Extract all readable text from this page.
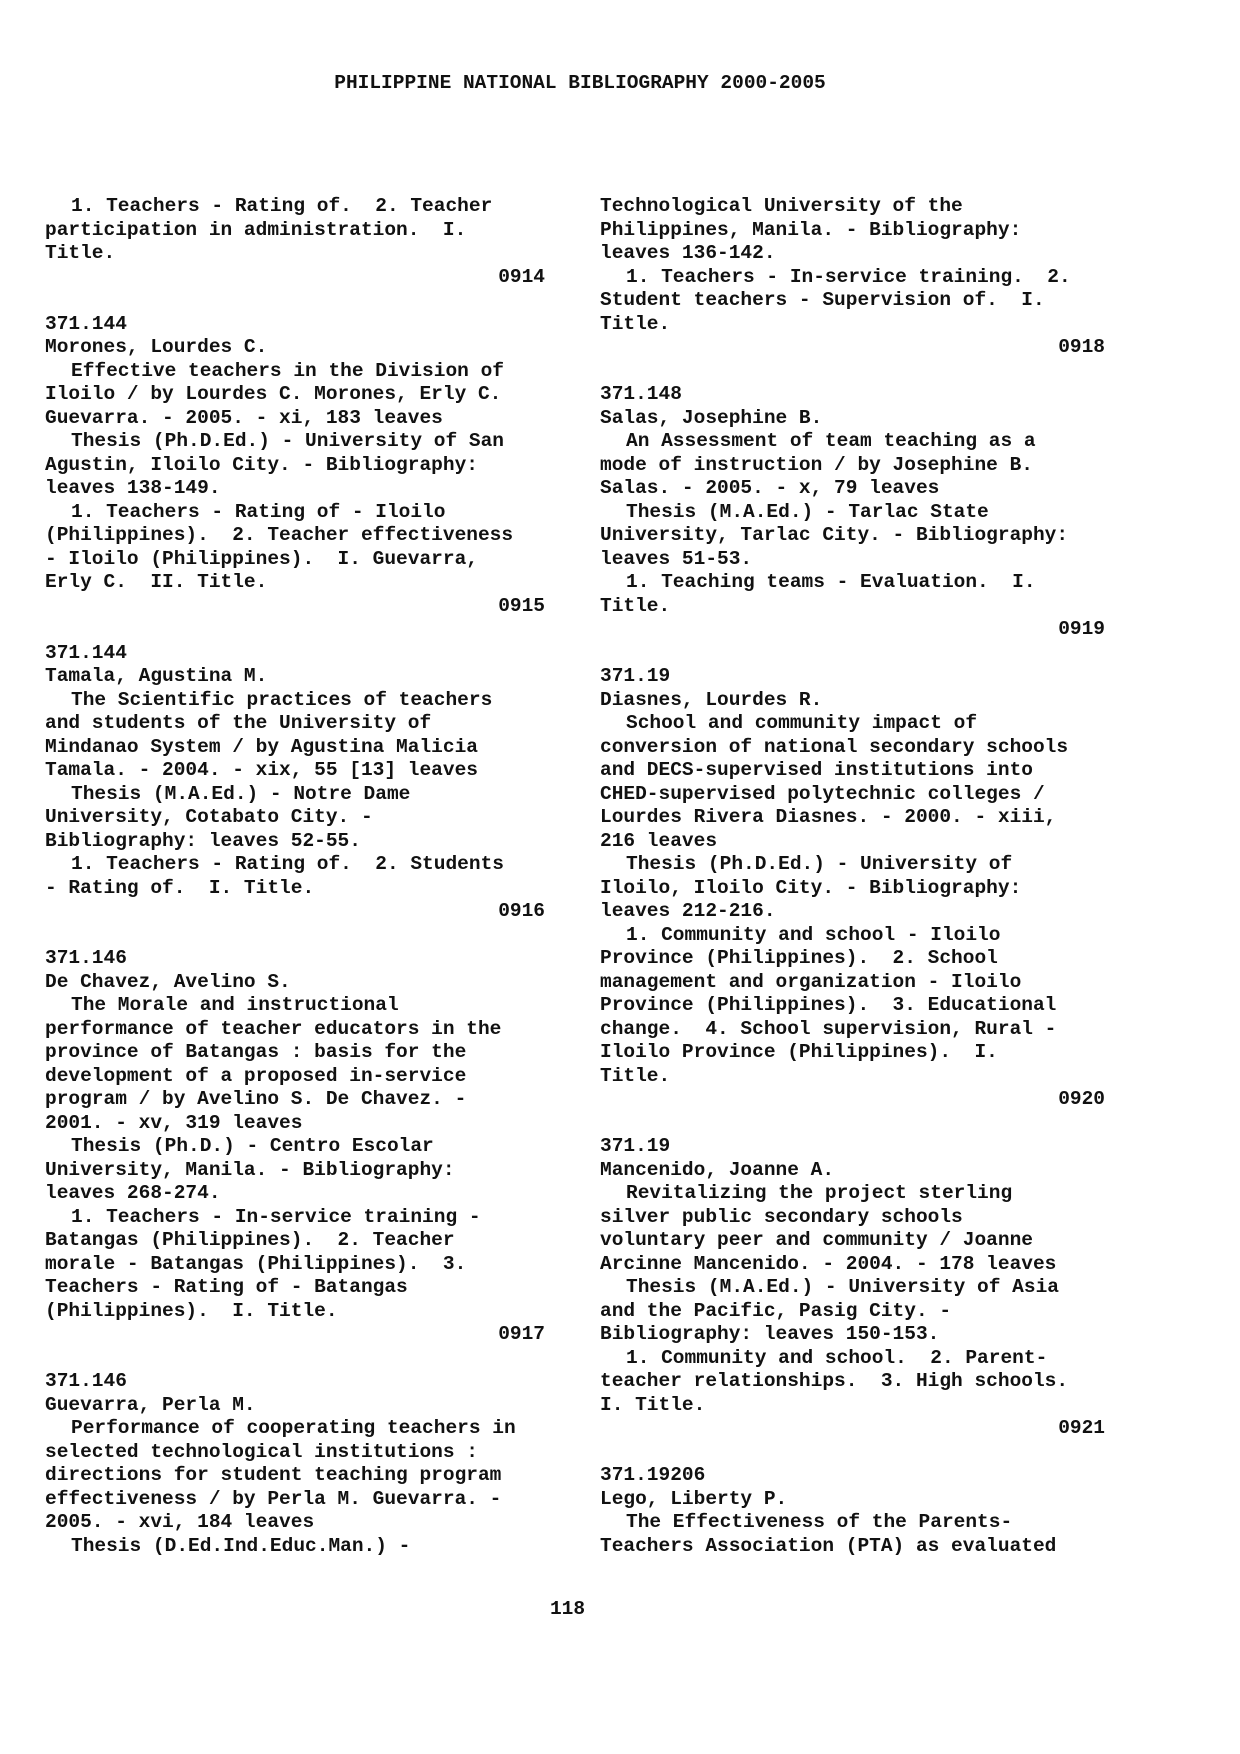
PHILIPPINE NATIONAL BIBLIOGRAPHY 2000-2005
1. Teachers - Rating of.  2. Teacher
participation in administration.  I.
Title.
0914
371.144
Morones, Lourdes C.
Effective teachers in the Division of
Iloilo / by Lourdes C. Morones, Erly C.
Guevarra. - 2005. - xi, 183 leaves
Thesis (Ph.D.Ed.) - University of San
Agustin, Iloilo City. - Bibliography:
leaves 138-149.
1. Teachers - Rating of - Iloilo
(Philippines).  2. Teacher effectiveness
- Iloilo (Philippines).  I. Guevarra,
Erly C.  II. Title.
0915
371.144
Tamala, Agustina M.
The Scientific practices of teachers
and students of the University of
Mindanao System / by Agustina Malicia
Tamala. - 2004. - xix, 55 [13] leaves
Thesis (M.A.Ed.) - Notre Dame
University, Cotabato City. -
Bibliography: leaves 52-55.
1. Teachers - Rating of.  2. Students
- Rating of.  I. Title.
0916
371.146
De Chavez, Avelino S.
The Morale and instructional
performance of teacher educators in the
province of Batangas : basis for the
development of a proposed in-service
program / by Avelino S. De Chavez. -
2001. - xv, 319 leaves
Thesis (Ph.D.) - Centro Escolar
University, Manila. - Bibliography:
leaves 268-274.
1. Teachers - In-service training -
Batangas (Philippines).  2. Teacher
morale - Batangas (Philippines).  3.
Teachers - Rating of - Batangas
(Philippines).  I. Title.
0917
371.146
Guevarra, Perla M.
Performance of cooperating teachers in
selected technological institutions :
directions for student teaching program
effectiveness / by Perla M. Guevarra. -
2005. - xvi, 184 leaves
Thesis (D.Ed.Ind.Educ.Man.) -
Technological University of the
Philippines, Manila. - Bibliography:
leaves 136-142.
1. Teachers - In-service training.  2.
Student teachers - Supervision of.  I.
Title.
0918
371.148
Salas, Josephine B.
An Assessment of team teaching as a
mode of instruction / by Josephine B.
Salas. - 2005. - x, 79 leaves
Thesis (M.A.Ed.) - Tarlac State
University, Tarlac City. - Bibliography:
leaves 51-53.
1. Teaching teams - Evaluation.  I.
Title.
0919
371.19
Diasnes, Lourdes R.
School and community impact of
conversion of national secondary schools
and DECS-supervised institutions into
CHED-supervised polytechnic colleges /
Lourdes Rivera Diasnes. - 2000. - xiii,
216 leaves
Thesis (Ph.D.Ed.) - University of
Iloilo, Iloilo City. - Bibliography:
leaves 212-216.
1. Community and school - Iloilo
Province (Philippines).  2. School
management and organization - Iloilo
Province (Philippines).  3. Educational
change.  4. School supervision, Rural -
Iloilo Province (Philippines).  I.
Title.
0920
371.19
Mancenido, Joanne A.
Revitalizing the project sterling
silver public secondary schools
voluntary peer and community / Joanne
Arcinne Mancenido. - 2004. - 178 leaves
Thesis (M.A.Ed.) - University of Asia
and the Pacific, Pasig City. -
Bibliography: leaves 150-153.
1. Community and school.  2. Parent-
teacher relationships.  3. High schools.
I. Title.
0921
371.19206
Lego, Liberty P.
The Effectiveness of the Parents-
Teachers Association (PTA) as evaluated
118
